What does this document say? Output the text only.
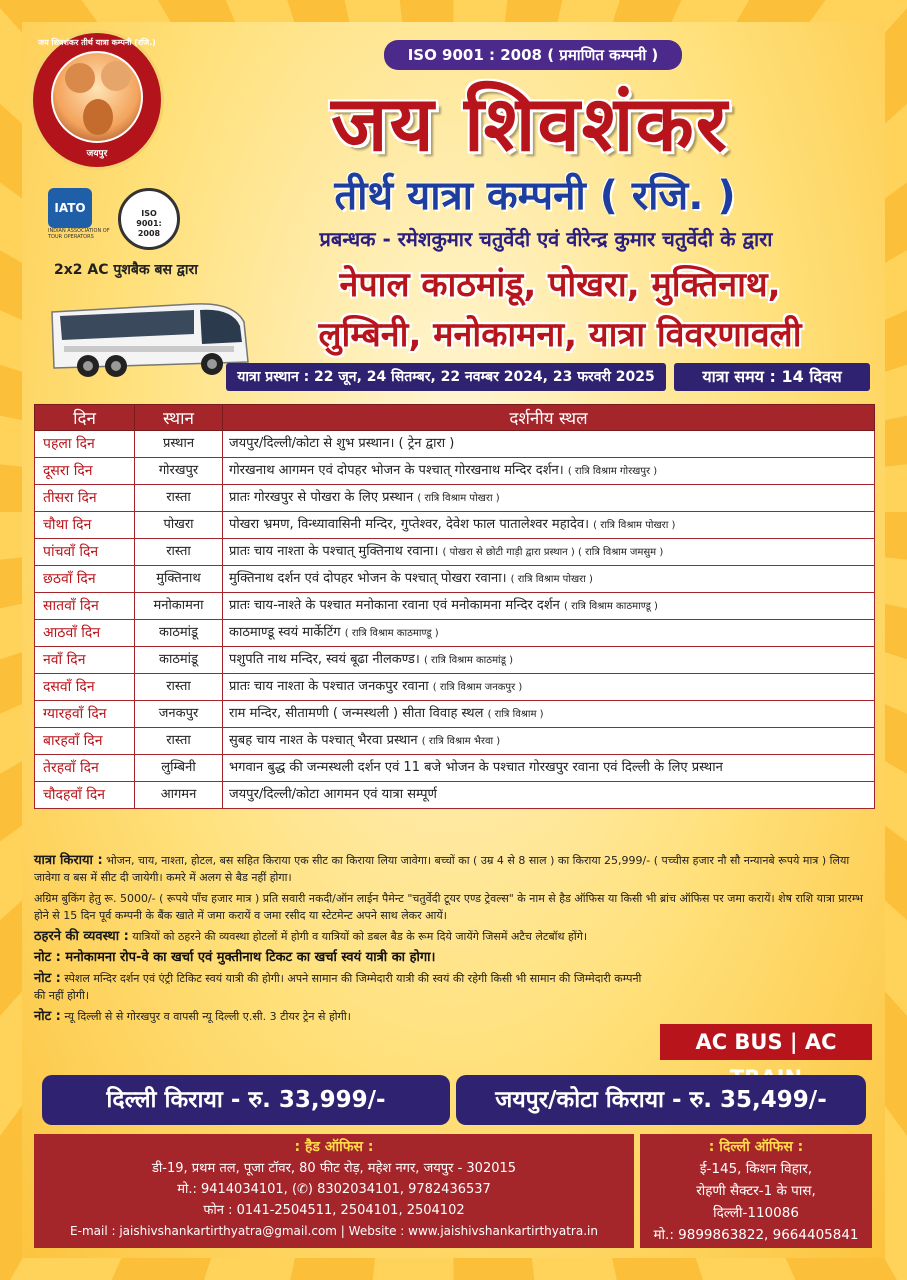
जय शिवशंकर तीर्थ यात्रा कम्पनी (रजि.)
जयपुर
IATO
INDIAN ASSOCIATION OF TOUR OPERATORS
ISO
9001:
2008
ISO 9001 : 2008 ( प्रमाणित कम्पनी )
जय शिवशंकर
तीर्थ यात्रा कम्पनी ( रजि. )
प्रबन्धक - रमेशकुमार चतुर्वेदी एवं वीरेन्द्र कुमार चतुर्वेदी के द्वारा
2x2 AC पुशबैक बस द्वारा	नेपाल काठमांडू, पोखरा, मुक्तिनाथ,
लुम्बिनी, मनोकामना, यात्रा विवरणावली
यात्रा प्रस्थान : 22 जून, 24 सितम्बर, 22 नवम्बर 2024, 23 फरवरी 2025	यात्रा समय : 14 दिवस
दिन	स्थान	दर्शनीय स्थल
पहला दिन	प्रस्थान	जयपुर/दिल्ली/कोटा से शुभ प्रस्थान। ( ट्रेन द्वारा )
दूसरा दिन	गोरखपुर	गोरखनाथ आगमन एवं दोपहर भोजन के पश्चात् गोरखनाथ मन्दिर दर्शन। ( रात्रि विश्राम गोरखपुर )
तीसरा दिन	रास्ता	प्रातः गोरखपुर से पोखरा के लिए प्रस्थान ( रात्रि विश्राम पोखरा )
चौथा दिन	पोखरा	पोखरा भ्रमण, विन्ध्यावासिनी मन्दिर, गुप्तेश्वर, देवेश फाल पातालेश्वर महादेव। ( रात्रि विश्राम पोखरा )
पांचवाँ दिन	रास्ता	प्रातः चाय नाश्ता के पश्चात् मुक्तिनाथ रवाना। ( पोखरा से छोटी गाड़ी द्वारा प्रस्थान ) ( रात्रि विश्राम जमसुम )
छठवाँ दिन	मुक्तिनाथ	मुक्तिनाथ दर्शन एवं दोपहर भोजन के पश्चात् पोखरा रवाना। ( रात्रि विश्राम पोखरा )
सातवाँ दिन	मनोकामना	प्रातः चाय-नाश्ते के पश्चात मनोकाना रवाना एवं मनोकामना मन्दिर दर्शन ( रात्रि विश्राम काठमाण्डू )
आठवाँ दिन	काठमांडू	काठमाण्डू स्वयं मार्केटिंग ( रात्रि विश्राम काठमाण्डू )
नवाँ दिन	काठमांडू	पशुपति नाथ मन्दिर, स्वयं बूढा नीलकण्ड। ( रात्रि विश्राम काठमांडू )
दसवाँ दिन	रास्ता	प्रातः चाय नाश्ता के पश्चात जनकपुर रवाना ( रात्रि विश्राम जनकपुर )
ग्यारहवाँ दिन	जनकपुर	राम मन्दिर, सीतामणी ( जन्मस्थली ) सीता विवाह स्थल ( रात्रि विश्राम )
बारहवाँ दिन	रास्ता	सुबह चाय नाश्त के पश्चात् भैरवा प्रस्थान ( रात्रि विश्राम भैरवा )
तेरहवाँ दिन	लुम्बिनी	भगवान बुद्ध की जन्मस्थली दर्शन एवं 11 बजे भोजन के पश्चात गोरखपुर रवाना एवं दिल्ली के लिए प्रस्थान
चौदहवाँ दिन	आगमन	जयपुर/दिल्ली/कोटा आगमन एवं यात्रा सम्पूर्ण

यात्रा किराया : भोजन, चाय, नाश्ता, होटल, बस सहित किराया एक सीट का किराया लिया जावेगा। बच्चों का ( उम्र 4 से 8 साल ) का किराया 25,999/- ( पच्चीस हजार नौ सौ नन्यानबे रूपये मात्र ) लिया जावेगा व बस में सीट दी जायेगी। कमरे में अलग से बैड नहीं होगा।

अग्रिम बुकिंग हेतु रू. 5000/- ( रूपये पाँच हजार मात्र ) प्रति सवारी नकदी/ऑन लाईन पैमेन्ट "चतुर्वेदी टूयर एण्ड ट्रेवल्स" के नाम से हैड ऑफिस या किसी भी ब्रांच ऑफिस पर जमा करायें। शेष राशि यात्रा प्रारम्भ होने से 15 दिन पूर्व कम्पनी के बैंक खाते में जमा करायें व जमा रसीद या स्टेटमेन्ट अपने साथ लेकर आयें।

ठहरने की व्यवस्था : यात्रियों को ठहरने की व्यवस्था होटलों में होगी व यात्रियों को डबल बैड के रूम दिये जायेंगे जिसमें अटैच लेटबॉथ होंगे।

नोट : मनोकामना रोप-वे का खर्चा एवं मुक्तीनाथ टिकट का खर्चा स्वयं यात्री का होगा।

नोट : स्पेशल मन्दिर दर्शन एवं एंट्री टिकिट स्वयं यात्री की होगी। अपने सामान की जिम्मेदारी यात्री की स्वयं की रहेगी किसी भी सामान की जिम्मेदारी कम्पनी की नहीं होगी।

नोट : न्यू दिल्ली से से गोरखपुर व वापसी न्यू दिल्ली ए.सी. 3 टीयर ट्रेन से होगी।

AC BUS | AC
दिल्ली किराया - रु. 33,999/-	जयपुर/कोटा किराया - रु. 35,499/-
: हैड ऑफिस :
डी-19, प्रथम तल, पूजा टॉवर, 80 फीट रोड़, महेश नगर, जयपुर - 302015
मो.: 9414034101, (✆) 8302034101, 9782436537
फोन : 0141-2504511, 2504101, 2504102
E-mail : jaishivshankartirthyatra@gmail.com | Website : www.jaishivshankartirthyatra.in
: दिल्ली ऑफिस :
ई-145, किशन विहार,
रोहणी सैक्टर-1 के पास,
दिल्ली-110086
मो.: 9899863822, 9664405841
